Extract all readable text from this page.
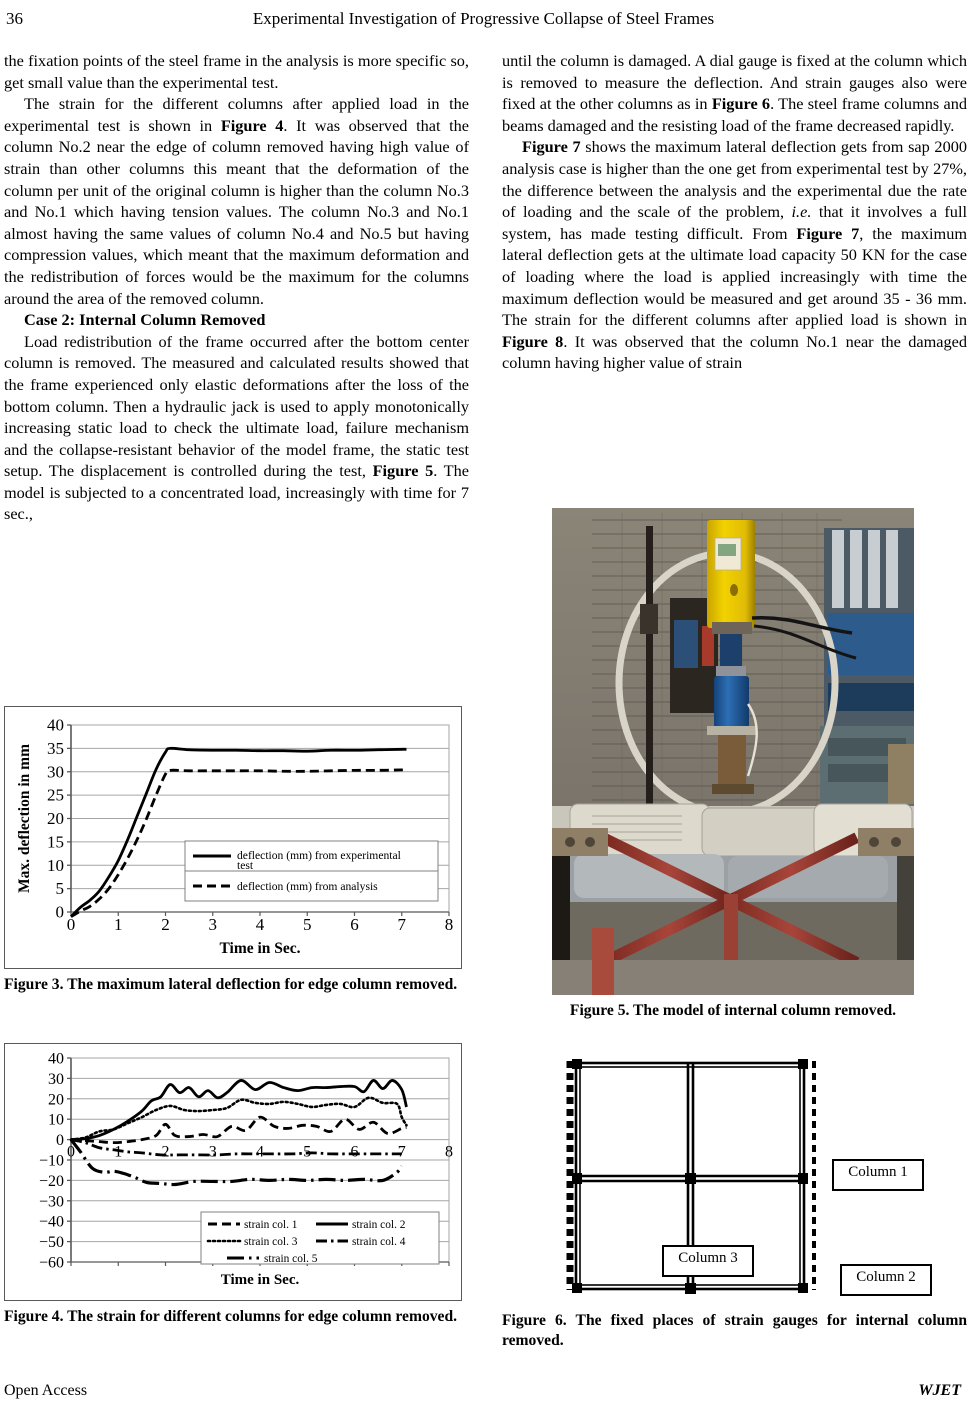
36	Experimental Investigation of Progressive Collapse of Steel Frames

the fixation points of the steel frame in the analysis is more specific so, get small value than the experimental test.

The strain for the different columns after applied load in the experimental test is shown in Figure 4. It was observed that the column No.2 near the edge of column removed having high value of strain than other columns this meant that the deformation of the column per unit of the original column is higher than the column No.3 and No.1 which having tension values. The column No.3 and No.1 almost having the same values of column No.4 and No.5 but having compression values, which meant that the maximum deformation and the redistribution of forces would be the maximum for the columns around the area of the removed column.

Case 2: Internal Column Removed

Load redistribution of the frame occurred after the bottom center column is removed. The measured and calculated results showed that the frame experienced only elastic deformations after the loss of the bottom column. Then a hydraulic jack is used to apply monotonically increasing static load to check the ultimate load, failure mechanism and the collapse-resistant behavior of the model frame, the static test setup. The displacement is controlled during the test, Figure 5. The model is subjected to a concentrated load, increasingly with time for 7 sec.,

until the column is damaged. A dial gauge is fixed at the column which is removed to measure the deflection. And strain gauges also were fixed at the other columns as in Figure 6. The steel frame columns and beams damaged and the resisting load of the frame decreased rapidly.

Figure 7 shows the maximum lateral deflection gets from sap 2000 analysis case is higher than the one get from experimental test by 27%, the difference between the analysis and the experimental due the rate of loading and the scale of the problem, i.e. that it involves a full system, has made testing difficult. From Figure 7, the maximum lateral deflection gets at the ultimate load capacity 50 KN for the case of loading where the load is applied increasingly with time the maximum deflection would be measured and get around 35 - 36 mm. The strain for the different columns after applied load is shown in Figure 8. It was observed that the column No.1 near the damaged column having higher value of strain

40
35
30
25
20
15
10
5
0
0 1 2 3 4 5 6 7 8
Time in Sec.
Max. deflection in mm	deflection (mm) from experimental
test
deflection (mm) from analysis
Figure 3. The maximum lateral deflection for edge column removed.
40
30
20
10
0
−10
−20
−30
−40
−50
−60
Time in Sec.
0 1 2 3 4 5 6 7 8
strain col. 1	strain col. 2
strain col. 3	strain col. 4
strain col. 5
Figure 4. The strain for different columns for edge column removed.
Figure 5. The model of internal column removed.
Column 1
Column 2
Column 3
Figure 6. The fixed places of strain gauges for internal column removed.
Open Access	WJET
